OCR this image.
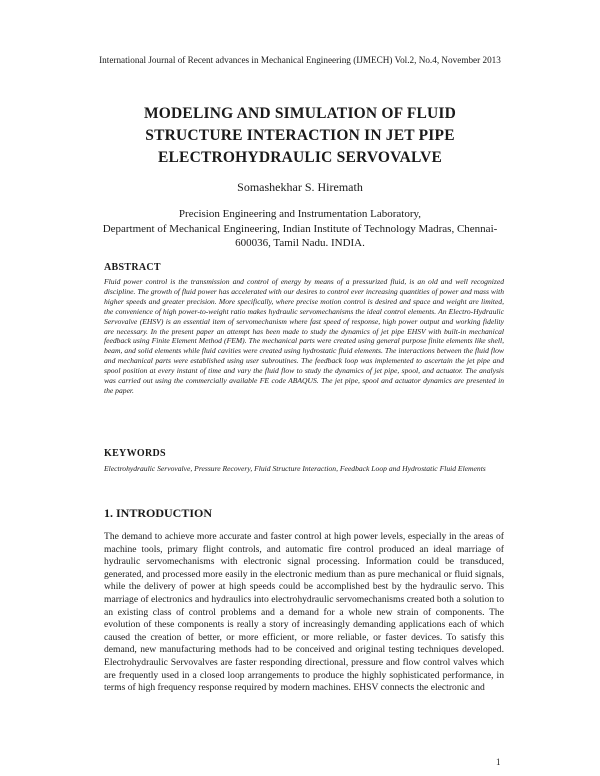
International Journal of Recent advances in Mechanical Engineering (IJMECH) Vol.2, No.4, November 2013
MODELING AND SIMULATION OF FLUID
STRUCTURE INTERACTION IN JET PIPE
ELECTROHYDRAULIC SERVOVALVE
Somashekhar S. Hiremath
Precision Engineering and Instrumentation Laboratory,
Department of Mechanical Engineering, Indian Institute of Technology Madras, Chennai-
600036, Tamil Nadu. INDIA.
ABSTRACT
Fluid power control is the transmission and control of energy by means of a pressurized fluid, is an old and well recognized discipline. The growth of fluid power has accelerated with our desires to control ever increasing quantities of power and mass with higher speeds and greater precision. More specifically, where precise motion control is desired and space and weight are limited, the convenience of high power-to-weight ratio makes hydraulic servomechanisms the ideal control elements. An Electro-Hydraulic Servovalve (EHSV) is an essential item of servomechanism where fast speed of response, high power output and working fidelity are necessary. In the present paper an attempt has been made to study the dynamics of jet pipe EHSV with built-in mechanical feedback using Finite Element Method (FEM). The mechanical parts were created using general purpose finite elements like shell, beam, and solid elements while fluid cavities were created using hydrostatic fluid elements. The interactions between the fluid flow and mechanical parts were established using user subroutines. The feedback loop was implemented to ascertain the jet pipe and spool position at every instant of time and vary the fluid flow to study the dynamics of jet pipe, spool, and actuator. The analysis was carried out using the commercially available FE code ABAQUS. The jet pipe, spool and actuator dynamics are presented in the paper.
KEYWORDS
Electrohydraulic Servovalve, Pressure Recovery, Fluid Structure Interaction, Feedback Loop and Hydrostatic Fluid Elements
1. INTRODUCTION
The demand to achieve more accurate and faster control at high power levels, especially in the areas of machine tools, primary flight controls, and automatic fire control produced an ideal marriage of hydraulic servomechanisms with electronic signal processing. Information could be transduced, generated, and processed more easily in the electronic medium than as pure mechanical or fluid signals, while the delivery of power at high speeds could be accomplished best by the hydraulic servo. This marriage of electronics and hydraulics into electrohydraulic servomechanisms created both a solution to an existing class of control problems and a demand for a whole new strain of components. The evolution of these components is really a story of increasingly demanding applications each of which caused the creation of better, or more efficient, or more reliable, or faster devices. To satisfy this demand, new manufacturing methods had to be conceived and original testing techniques developed. Electrohydraulic Servovalves are faster responding directional, pressure and flow control valves which are frequently used in a closed loop arrangements to produce the highly sophisticated performance, in terms of high frequency response required by modern machines. EHSV connects the electronic and
1
